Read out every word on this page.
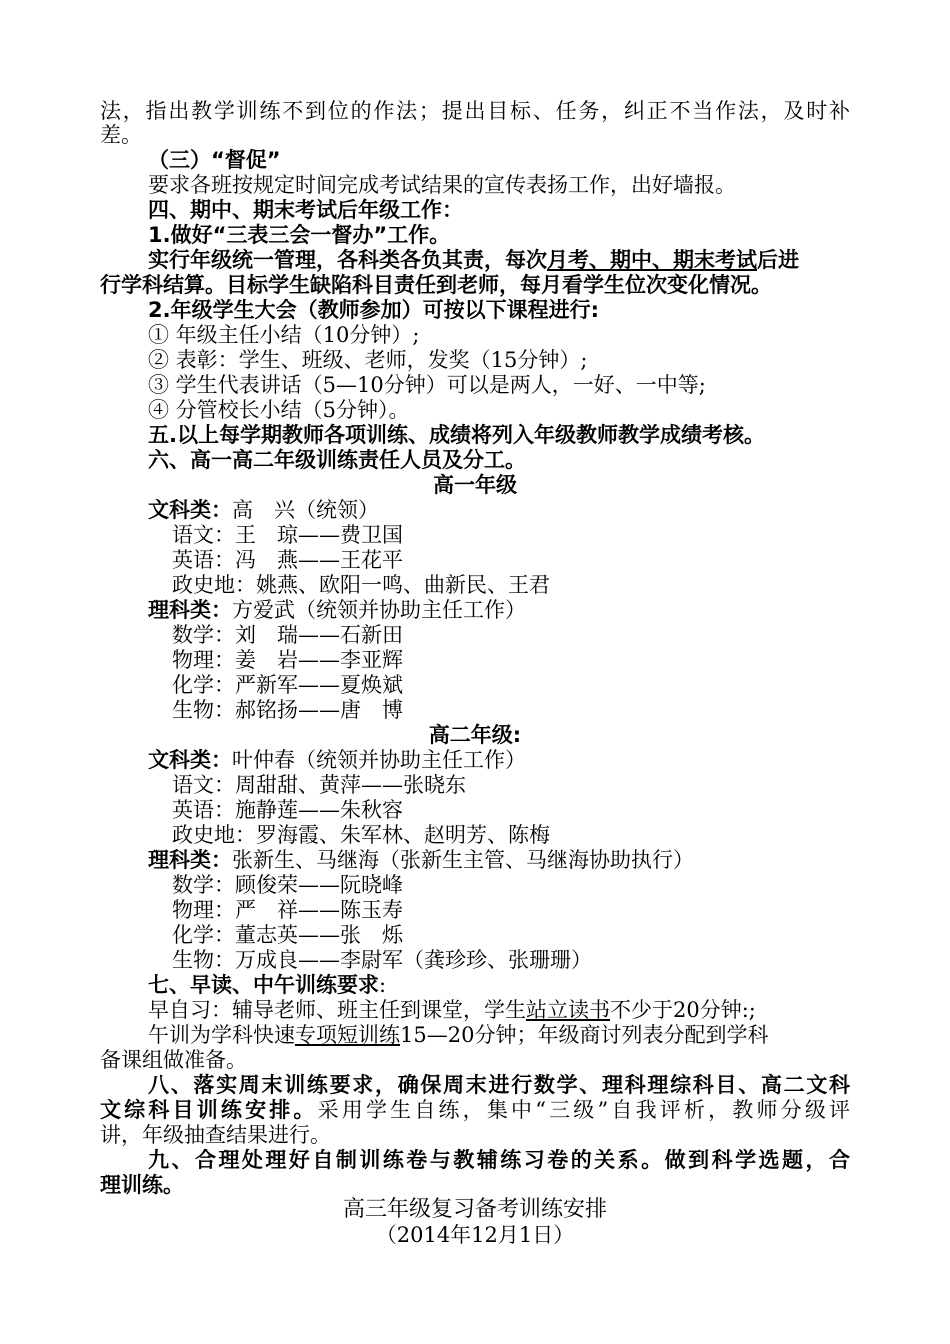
法，指出教学训练不到位的作法；提出目标、任务，纠正不当作法，及时补
差。
（三）“督促”
要求各班按规定时间完成考试结果的宣传表扬工作，出好墙报。
四、期中、期末考试后年级工作：
1.做好“三表三会一督办”工作。
实行年级统一管理，各科类各负其责，每次月考、期中、期末考试后进
行学科结算。目标学生缺陷科目责任到老师，每月看学生位次变化情况。
2.年级学生大会（教师参加）可按以下课程进行:
① 年级主任小结（10分钟）;
② 表彰：学生、班级、老师，发奖（15分钟）;
③ 学生代表讲话（5—10分钟）可以是两人，一好、一中等;
④ 分管校长小结（5分钟）。
五.以上每学期教师各项训练、成绩将列入年级教师教学成绩考核。
六、高一高二年级训练责任人员及分工。
高一年级
文科类：高　兴（统领）
语文：王　琼——费卫国
英语：冯　燕——王花平
政史地：姚燕、欧阳一鸣、曲新民、王君
理科类：方爱武（统领并协助主任工作）
数学：刘　瑞——石新田
物理：姜　岩——李亚辉
化学：严新军——夏焕斌
生物：郝铭扬——唐　博
高二年级:
文科类：叶仲春（统领并协助主任工作）
语文：周甜甜、黄萍——张晓东
英语：施静莲——朱秋容
政史地：罗海霞、朱军林、赵明芳、陈梅
理科类：张新生、马继海（张新生主管、马继海协助执行）
数学：顾俊荣——阮晓峰
物理：严　祥——陈玉寿
化学：董志英——张　烁
生物：万成良——李尉军（龚珍珍、张珊珊）
七、早读、中午训练要求:
早自习：辅导老师、班主任到课堂，学生站立读书不少于20分钟:;
午训为学科快速专项短训练15—20分钟；年级商讨列表分配到学科
备课组做准备。
八、落实周末训练要求，确保周末进行数学、理科理综科目、高二文科
文综科目训练安排。采用学生自练，集中“三级”自我评析，教师分级评
讲，年级抽查结果进行。
九、合理处理好自制训练卷与教辅练习卷的关系。做到科学选题，合
理训练。
高三年级复习备考训练安排
（2014年12月1日）
